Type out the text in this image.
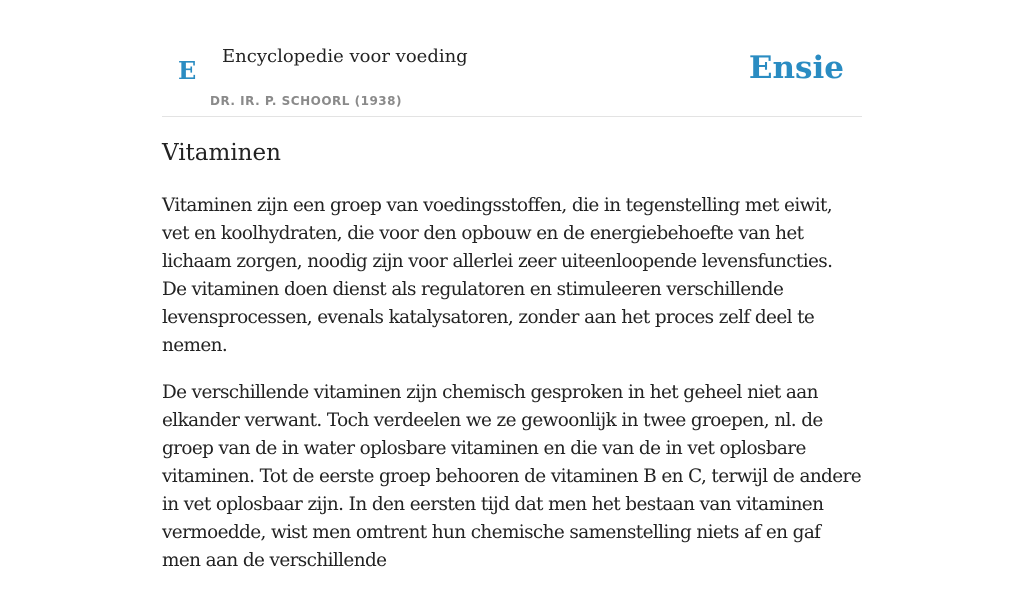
E Encyclopedie voor voeding
DR. IR. P. SCHOORL (1938)
Ensie
Vitaminen

Vitaminen zijn een groep van voedingsstoffen, die in tegenstelling met eiwit, vet en koolhydraten, die voor den opbouw en de energiebehoefte van het lichaam zorgen, noodig zijn voor allerlei zeer uiteenloopende levensfuncties. De vitaminen doen dienst als regulatoren en stimuleeren verschillende levensprocessen, evenals katalysatoren, zonder aan het proces zelf deel te nemen.

De verschillende vitaminen zijn chemisch gesproken in het geheel niet aan elkander verwant. Toch verdeelen we ze gewoonlijk in twee groepen, nl. de groep van de in water oplosbare vitaminen en die van de in vet oplosbare vitaminen. Tot de eerste groep behooren de vitaminen B en C, terwijl de andere in vet oplosbaar zijn. In den eersten tijd dat men het bestaan van vitaminen vermoedde, wist men omtrent hun chemische samenstelling niets af en gaf men aan de verschillende
